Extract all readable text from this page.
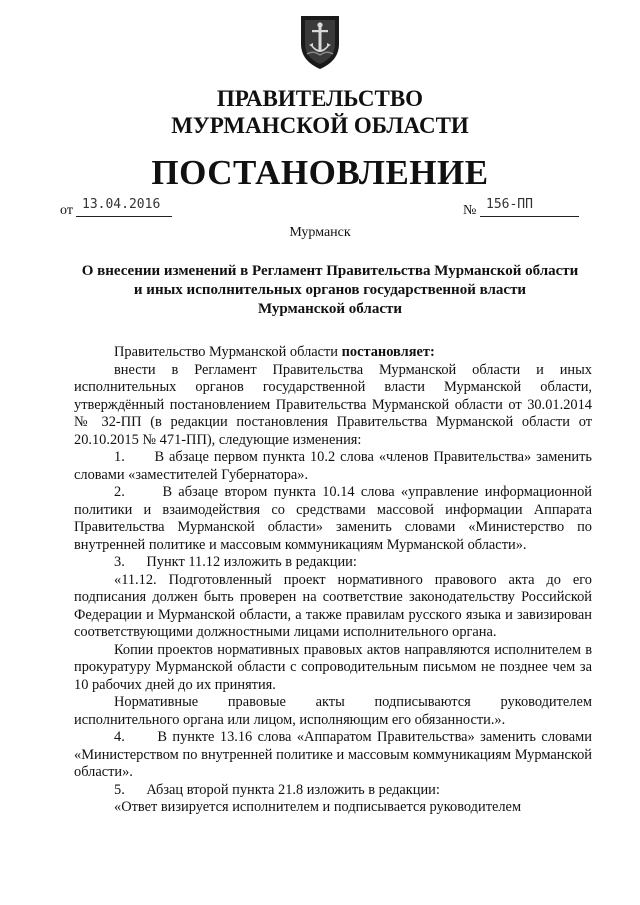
ПРАВИТЕЛЬСТВО
МУРМАНСКОЙ ОБЛАСТИ
ПОСТАНОВЛЕНИЕ
от 13.04.2016	№ 156-ПП
Мурманск
О внесении изменений в Регламент Правительства Мурманской области
и иных исполнительных органов государственной власти
Мурманской области

Правительство Мурманской области постановляет:

внести в Регламент Правительства Мурманской области и иных исполнительных органов государственной власти Мурманской области, утверждённый постановлением Правительства Мурманской области от 30.01.2014 № 32-ПП (в редакции постановления Правительства Мурманской области от 20.10.2015 № 471-ПП), следующие изменения:

1.      В абзаце первом пункта 10.2 слова «членов Правительства» заменить словами «заместителей Губернатора».

2.      В абзаце втором пункта 10.14 слова «управление информационной политики и взаимодействия со средствами массовой информации Аппарата Правительства Мурманской области» заменить словами «Министерство по внутренней политике и массовым коммуникациям Мурманской области».

3.      Пункт 11.12 изложить в редакции:

«11.12. Подготовленный проект нормативного правового акта до его подписания должен быть проверен на соответствие законодательству Российской Федерации и Мурманской области, а также правилам русского языка и завизирован соответствующими должностными лицами исполнительного органа.

Копии проектов нормативных правовых актов направляются исполнителем в прокуратуру Мурманской области с сопроводительным письмом не позднее чем за 10 рабочих дней до их принятия.

Нормативные правовые акты подписываются руководителем исполнительного органа или лицом, исполняющим его обязанности.».

4.      В пункте 13.16 слова «Аппаратом Правительства» заменить словами «Министерством по внутренней политике и массовым коммуникациям Мурманской области».

5.      Абзац второй пункта 21.8 изложить в редакции:

«Ответ визируется исполнителем и подписывается руководителем
